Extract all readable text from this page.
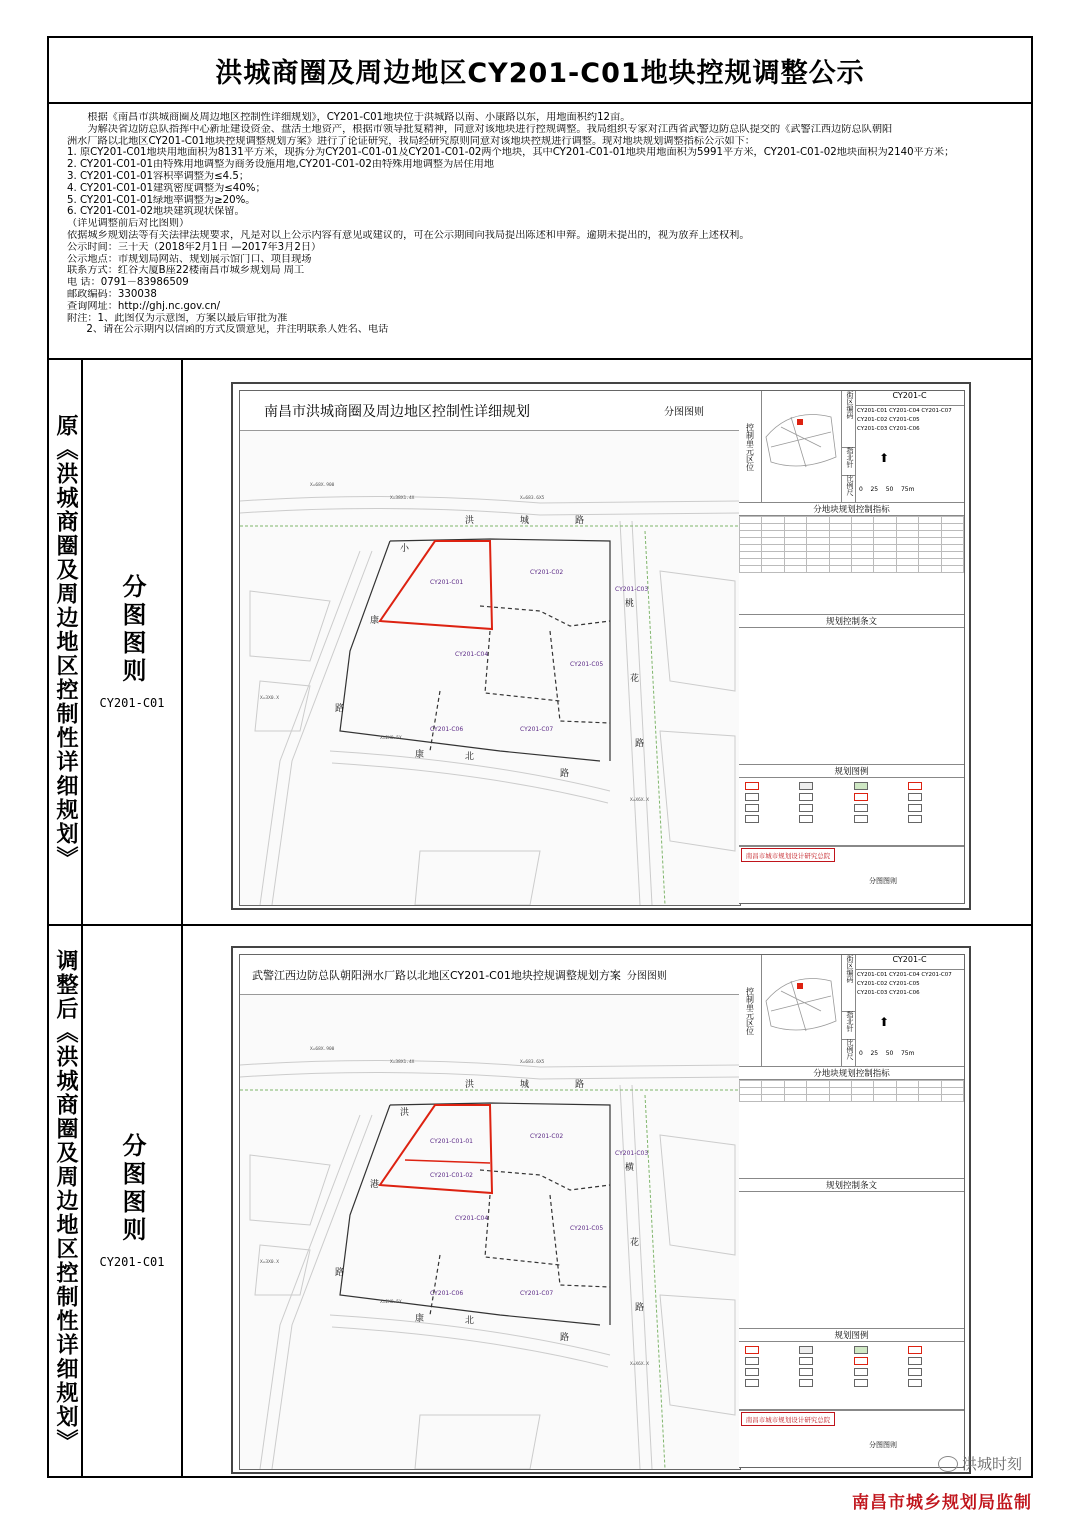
洪城商圈及周边地区CY201-C01地块控规调整公示

根据《南昌市洪城商圈及周边地区控制性详细规划》，CY201-C01地块位于洪城路以南、小康路以东，用地面积约12亩。

为解决省边防总队指挥中心新址建设资金、盘活土地资产，根据市领导批复精神，同意对该地块进行控规调整。我局组织专家对江西省武警边防总队提交的《武警江西边防总队朝阳

洲水厂路以北地区CY201-C01地块控规调整规划方案》进行了论证研究，我局经研究原则同意对该地块控规进行调整。现对地块规划调整指标公示如下：

1. 原CY201-C01地块用地面积为8131平方米，现拆分为CY201-C01-01及CY201-C01-02两个地块，其中CY201-C01-01地块用地面积为5991平方米，CY201-C01-02地块面积为2140平方米；

2. CY201-C01-01由特殊用地调整为商务设施用地,CY201-C01-02由特殊用地调整为居住用地

3. CY201-C01-01容积率调整为≤4.5；

4. CY201-C01-01建筑密度调整为≤40%；

5. CY201-C01-01绿地率调整为≥20%。

6. CY201-C01-02地块建筑现状保留。

（详见调整前后对比图则）

依据城乡规划法等有关法律法规要求，凡是对以上公示内容有意见或建议的，可在公示期间向我局提出陈述和申辩。逾期未提出的，视为放弃上述权利。

公示时间：三十天（2018年2月1日 —2017年3月2日）

公示地点：市规划局网站、规划展示馆门口、项目现场

联系方式：红谷大厦B座22楼南昌市城乡规划局 周工

电 话：0791－83986509

邮政编码：330038

查询网址：http://ghj.nc.gov.cn/

附注：1、此图仅为示意图，方案以最后审批为准

2、请在公示期内以信函的方式反馈意见，并注明联系人姓名、电话

原《洪城商圈及周边地区控制性详细规划》 分图图则
CY201-C01
南昌市洪城商圈及周边地区控制性详细规划	分图图则
CY201-C01
CY201-C02
CY201-C03
CY201-C04
CY201-C05
CY201-C06	CY201-C07
洪	城	路
小
康
路
康	北
路
桃
花
路
X=68X.900
X=38X1.4X	X=683.6X5
X=3X0.X
X=2X8.5X
X=X6X.X
控制单元区位
街区编码	CY201-C
CY201-C01 CY201-C04 CY201-C07
CY201-C02 CY201-C05
CY201-C03 CY201-C06
指北针 ⬆
比例尺 0    25    50    75m
分地块规划控制指标

规划控制条文
规划图例
南昌市城市规划设计研究总院
分图图则
调整后《洪城商圈及周边地区控制性详细规划》 分图图则
CY201-C01
武警江西边防总队朝阳洲水厂路以北地区CY201-C01地块控规调整规划方案 分图图则
CY201-C01-01
CY201-C01-02
CY201-C02
CY201-C03
CY201-C04
CY201-C05
CY201-C06	CY201-C07
洪	城	路
洪
港
路
康	北
路
横
花
路
X=68X.900
X=38X1.4X	X=683.6X5
X=3X0.X
X=2X8.5X
X=X6X.X
控制单元区位
街区编码	CY201-C
CY201-C01 CY201-C04 CY201-C07
CY201-C02 CY201-C05
CY201-C03 CY201-C06
指北针 ⬆
比例尺 0    25    50    75m
分地块规划控制指标

规划控制条文
规划图例
南昌市城市规划设计研究总院
分图图则
洪城时刻
南昌市城乡规划局监制
